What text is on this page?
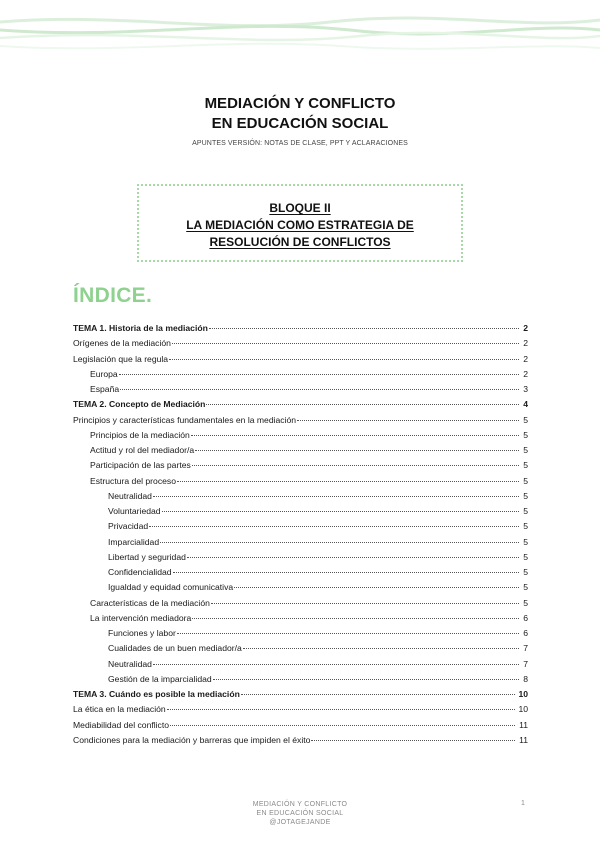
MEDIACIÓN Y CONFLICTO
EN EDUCACIÓN SOCIAL
APUNTES VERSIÓN: NOTAS DE CLASE, PPT Y ACLARACIONES
BLOQUE II
LA MEDIACIÓN COMO ESTRATEGIA DE
RESOLUCIÓN DE CONFLICTOS
ÍNDICE.
TEMA 1. Historia de la mediación	2
Orígenes de la mediación	2
Legislación que la regula	2
Europa	2
España	3
TEMA 2. Concepto de Mediación	4
Principios y características fundamentales en la mediación	5
Principios de la mediación	5
Actitud y rol del mediador/a	5
Participación de las partes	5
Estructura del proceso	5
Neutralidad	5
Voluntariedad	5
Privacidad	5
Imparcialidad	5
Libertad y seguridad	5
Confidencialidad	5
Igualdad y equidad comunicativa	5
Características de la mediación	5
La intervención mediadora	6
Funciones y labor	6
Cualidades de un buen mediador/a	7
Neutralidad	7
Gestión de la imparcialidad	8
TEMA 3. Cuándo es posible la mediación	10
La ética en la mediación	10
Mediabilidad del conflicto	11
Condiciones para la mediación y barreras que impiden el éxito	11
MEDIACIÓN Y CONFLICTO
EN EDUCACIÓN SOCIAL
@JOTAGEJANDE
1
